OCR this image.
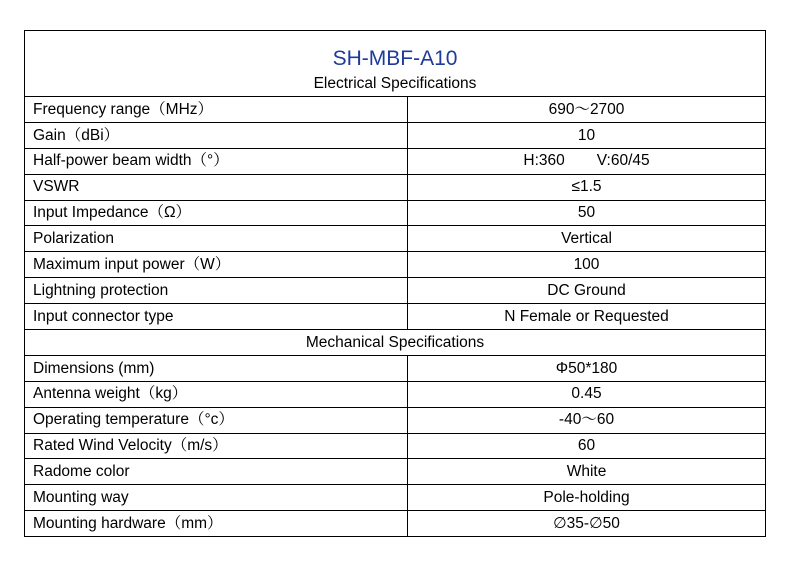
SH-MBF-A10	
Electrical Specifications	
Frequency range（MHz）	690～2700
Gain（dBi）	10
Half-power beam width（°）	H:360 V:60/45
VSWR	≤1.5
Input Impedance（Ω）	50
Polarization	Vertical
Maximum input power（W）	100
Lightning protection	DC Ground
Input connector type	N Female or Requested
Mechanical Specifications	
Dimensions (mm)	Φ50*180
Antenna weight（kg）	0.45
Operating temperature（°c）	-40～60
Rated Wind Velocity（m/s）	60
Radome color	White
Mounting way	Pole-holding
Mounting hardware（mm）	∅35-∅50
